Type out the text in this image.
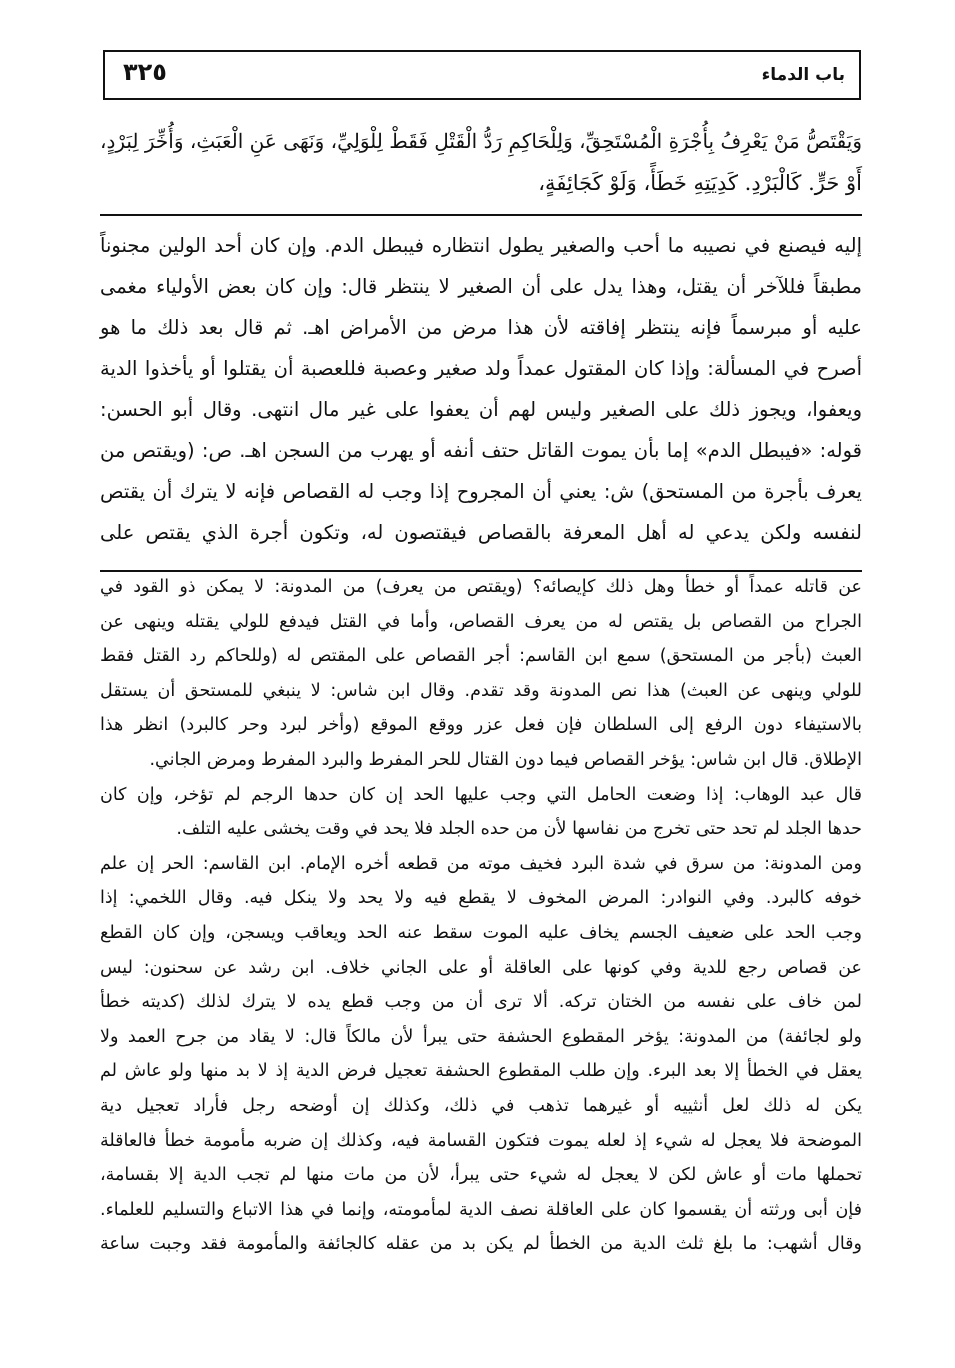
باب الدماء
٣٢٥
وَيَقْتَصُّ مَنْ يَعْرِفُ بِأُجْرَةِ الْمُسْتَحِقِّ، وَلِلْحَاكِمِ رَدُّ الْقَتْلِ فَقَطْ لِلْوَلِيِّ، وَنَهَى عَنِ الْعَبَثِ، وَأُخِّرَ لِبَرْدٍ،
أَوْ حَرٍّ. كَالْبَرْدِ. كَدِيَتِهِ خَطَأً، وَلَوْ كَجَائِفَةٍ،
إليه فيصنع في نصيبه ما أحب والصغير يطول انتظاره فيبطل الدم. وإن كان أحد الولين مجنوناً
مطبقاً فللآخر أن يقتل، وهذا يدل على أن الصغير لا ينتظر قال: وإن كان بعض الأولياء مغمى
عليه أو مبرسماً فإنه ينتظر إفاقته لأن هذا مرض من الأمراض اهـ. ثم قال بعد ذلك ما هو
أصرح في المسألة: وإذا كان المقتول عمداً ولد صغير وعصبة فللعصبة أن يقتلوا أو يأخذوا الدية
ويعفوا، ويجوز ذلك على الصغير وليس لهم أن يعفوا على غير مال انتهى. وقال أبو الحسن:
قوله: «فيبطل الدم» إما بأن يموت القاتل حتف أنفه أو يهرب من السجن اهـ. ص: (ويقتص من
يعرف بأجرة من المستحق) ش: يعني أن المجروح إذا وجب له القصاص فإنه لا يترك أن يقتص
لنفسه ولكن يدعي له أهل المعرفة بالقصاص فيقتصون له، وتكون أجرة الذي يقتص على
عن قاتله عمداً أو خطأ وهل ذلك كإيصائه؟ (ويقتص من يعرف) من المدونة: لا يمكن ذو القود في
الجراح من القصاص بل يقتص له من يعرف القصاص، وأما في القتل فيدفع للولي يقتله وينهى عن
العبث (بأجر من المستحق) سمع ابن القاسم: أجر القصاص على المقتص له (وللحاكم رد القتل فقط
للولي وينهى عن العبث) هذا نص المدونة وقد تقدم. وقال ابن شاس: لا ينبغي للمستحق أن يستقل
بالاستيفاء دون الرفع إلى السلطان فإن فعل عزر ووقع الموقع (وأخر لبرد وحر كالبرد) انظر هذا
الإطلاق. قال ابن شاس: يؤخر القصاص فيما دون القتال للحر المفرط والبرد المفرط ومرض الجاني.
قال عبد الوهاب: إذا وضعت الحامل التي وجب عليها الحد إن كان حدها الرجم لم تؤخر، وإن كان
حدها الجلد لم تحد حتى تخرج من نفاسها لأن من حده الجلد فلا يحد في وقت يخشى عليه التلف.
ومن المدونة: من سرق في شدة البرد فخيف موته من قطعه أخره الإمام. ابن القاسم: الحر إن علم
خوفه كالبرد. وفي النوادر: المرض المخوف لا يقطع فيه ولا يحد ولا ينكل فيه. وقال اللخمي: إذا
وجب الحد على ضعيف الجسم يخاف عليه الموت سقط عنه الحد ويعاقب ويسجن، وإن كان القطع
عن قصاص رجع للدية وفي كونها على العاقلة أو على الجاني خلاف. ابن رشد عن سحنون: ليس
لمن خاف على نفسه من الختان تركه. ألا ترى أن من وجب قطع يده لا يترك لذلك (كديته خطأ
ولو لجائفة) من المدونة: يؤخر المقطوع الحشفة حتى يبرأ لأن مالكاً قال: لا يقاد من جرح العمد ولا
يعقل في الخطأ إلا بعد البرء. وإن طلب المقطوع الحشفة تعجيل فرض الدية إذ لا بد منها ولو عاش لم
يكن له ذلك لعل أنثييه أو غيرهما تذهب في ذلك، وكذلك إن أوضحه رجل فأراد تعجيل دية
الموضحة فلا يعجل له شيء إذ لعله يموت فتكون القسامة فيه، وكذلك إن ضربه مأمومة خطأ فالعاقلة
تحملها مات أو عاش لكن لا يعجل له شيء حتى يبرأ، لأن من مات منها لم تجب الدية إلا بقسامة،
فإن أبى ورثته أن يقسموا كان على العاقلة نصف الدية لمأمومته، وإنما في هذا الاتباع والتسليم للعلماء.
وقال أشهب: ما بلغ ثلث الدية من الخطأ لم يكن بد من عقله كالجائفة والمأمومة فقد وجبت ساعة
